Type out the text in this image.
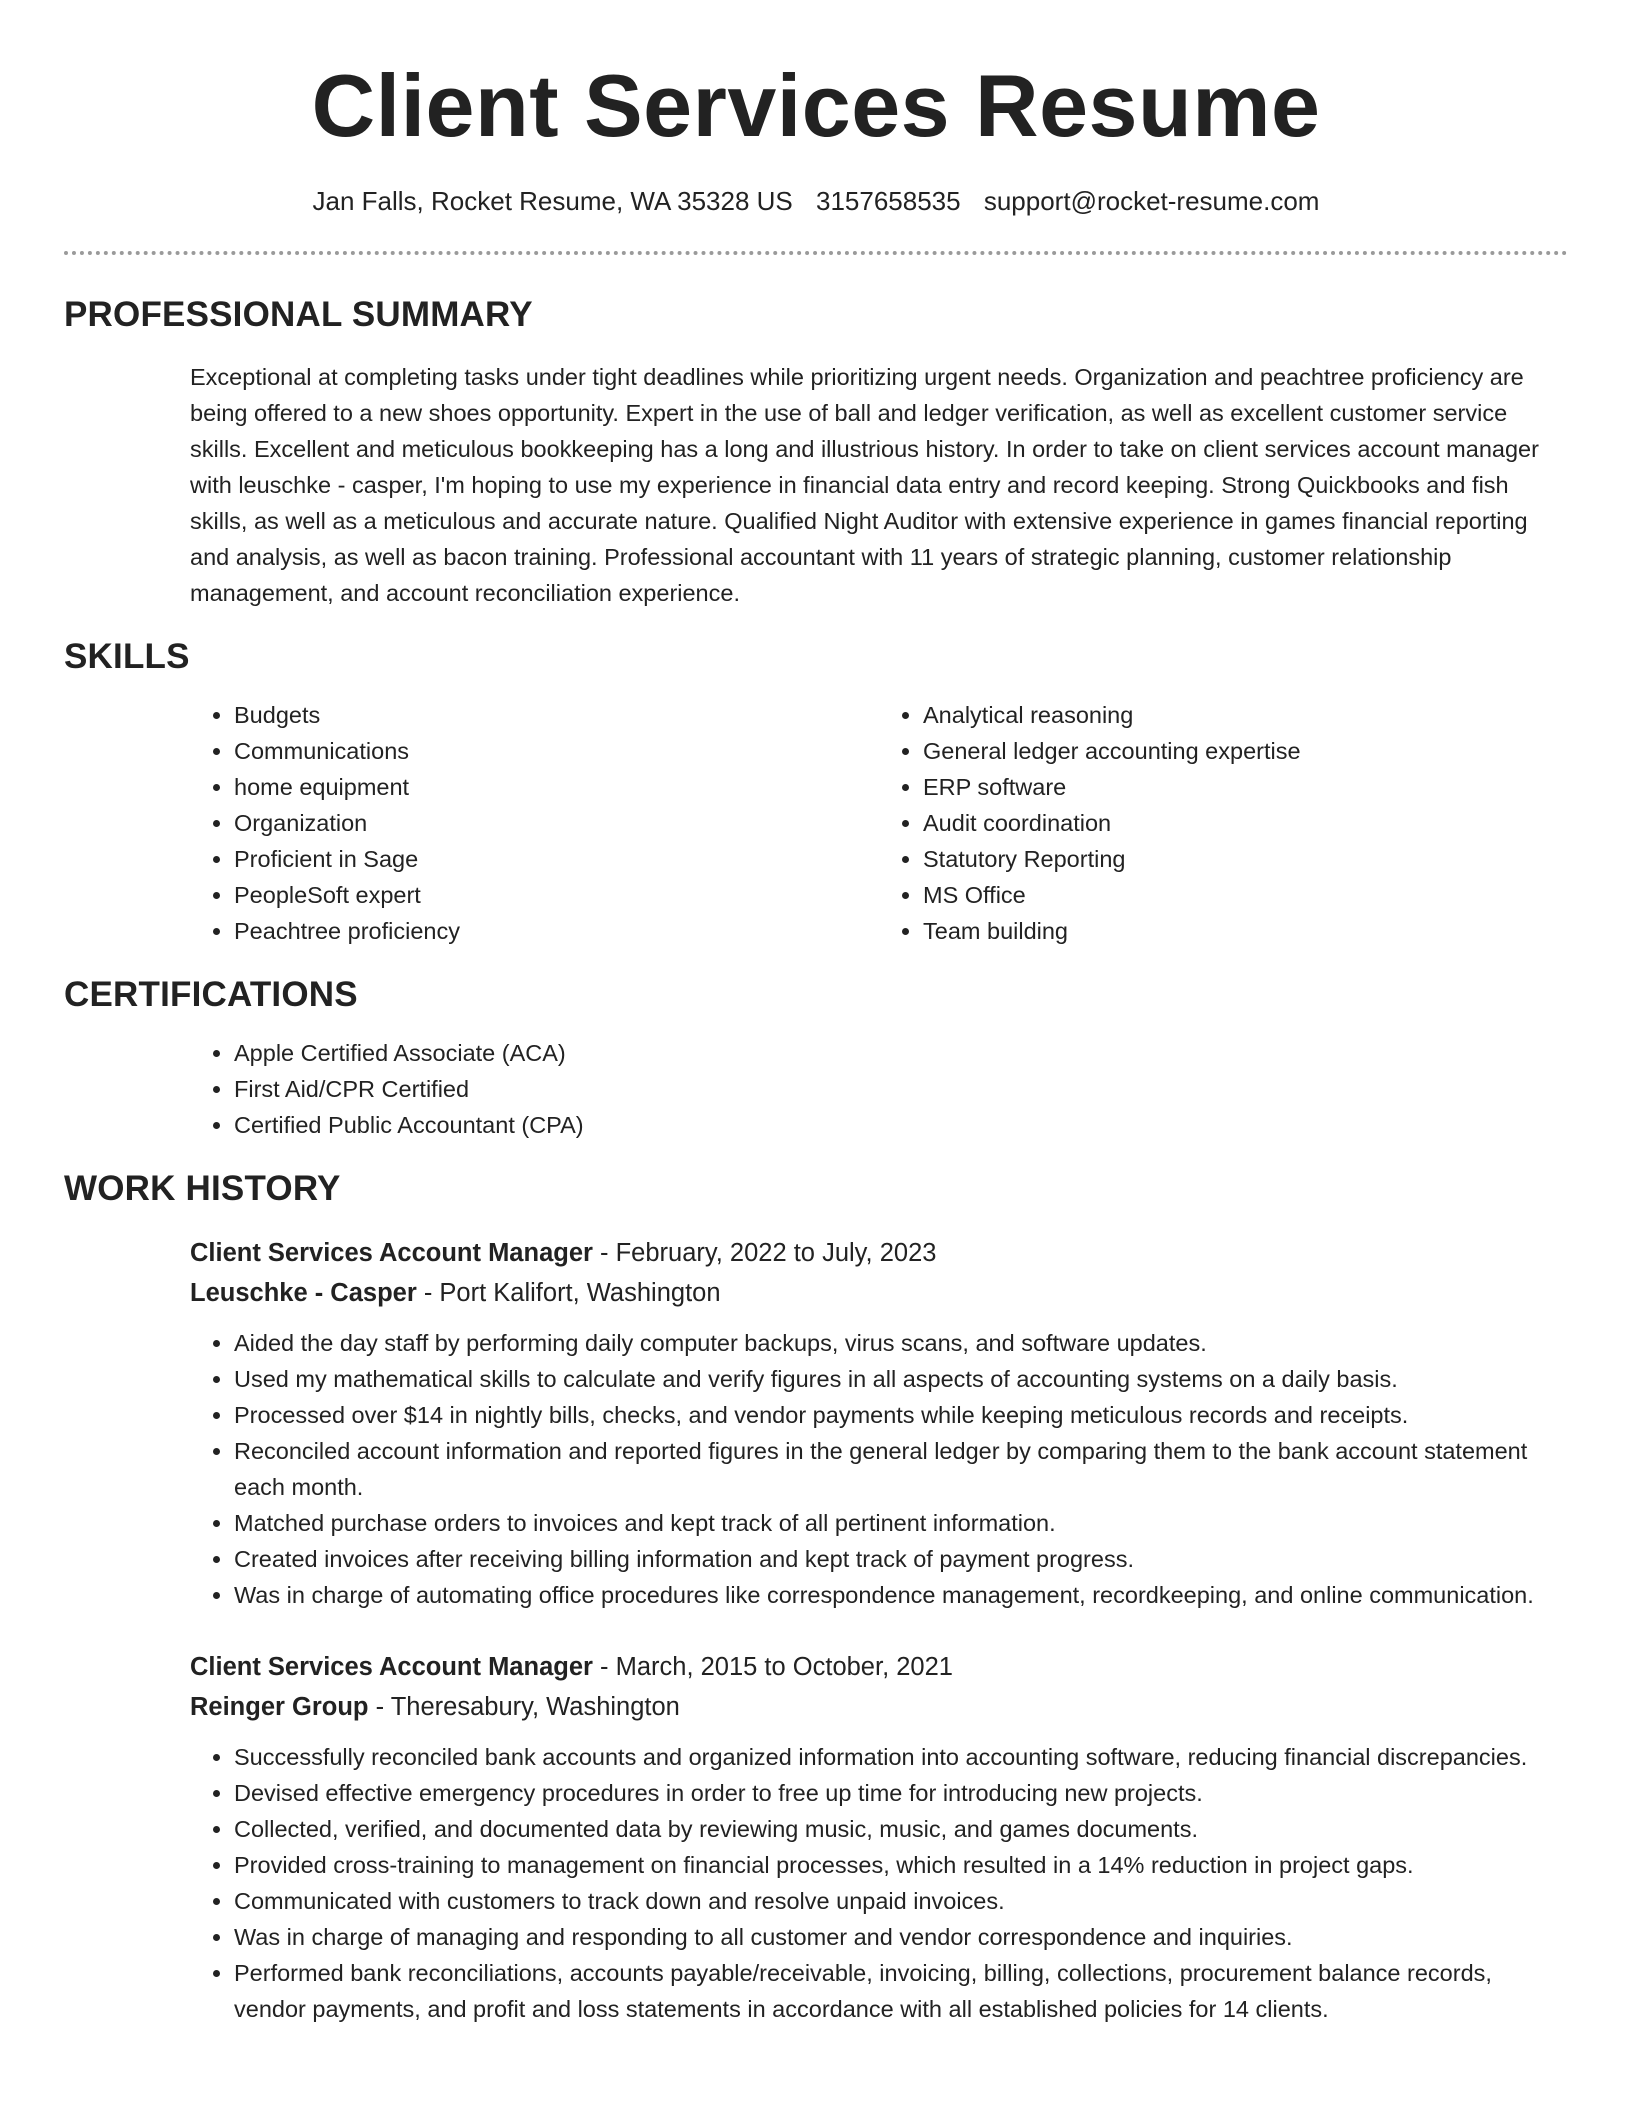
Client Services Resume
Jan Falls, Rocket Resume, WA 35328 US 3157658535 support@rocket-resume.com
PROFESSIONAL SUMMARY

Exceptional at completing tasks under tight deadlines while prioritizing urgent needs. Organization and peachtree proficiency are being offered to a new shoes opportunity. Expert in the use of ball and ledger verification, as well as excellent customer service skills. Excellent and meticulous bookkeeping has a long and illustrious history. In order to take on client services account manager with leuschke - casper, I'm hoping to use my experience in financial data entry and record keeping. Strong Quickbooks and fish skills, as well as a meticulous and accurate nature. Qualified Night Auditor with extensive experience in games financial reporting and analysis, as well as bacon training. Professional accountant with 11 years of strategic planning, customer relationship management, and account reconciliation experience.

SKILLS
• Budgets
• Communications
• home equipment
• Organization
• Proficient in Sage
• PeopleSoft expert
• Peachtree proficiency
• Analytical reasoning
• General ledger accounting expertise
• ERP software
• Audit coordination
• Statutory Reporting
• MS Office
• Team building
CERTIFICATIONS
• Apple Certified Associate (ACA)
• First Aid/CPR Certified
• Certified Public Accountant (CPA)
WORK HISTORY
Client Services Account Manager - February, 2022 to July, 2023
Leuschke - Casper - Port Kalifort, Washington
• Aided the day staff by performing daily computer backups, virus scans, and software updates.
• Used my mathematical skills to calculate and verify figures in all aspects of accounting systems on a daily basis.
• Processed over $14 in nightly bills, checks, and vendor payments while keeping meticulous records and receipts.
• Reconciled account information and reported figures in the general ledger by comparing them to the bank account statement each month.
• Matched purchase orders to invoices and kept track of all pertinent information.
• Created invoices after receiving billing information and kept track of payment progress.
• Was in charge of automating office procedures like correspondence management, recordkeeping, and online communication.
Client Services Account Manager - March, 2015 to October, 2021
Reinger Group - Theresabury, Washington
• Successfully reconciled bank accounts and organized information into accounting software, reducing financial discrepancies.
• Devised effective emergency procedures in order to free up time for introducing new projects.
• Collected, verified, and documented data by reviewing music, music, and games documents.
• Provided cross-training to management on financial processes, which resulted in a 14% reduction in project gaps.
• Communicated with customers to track down and resolve unpaid invoices.
• Was in charge of managing and responding to all customer and vendor correspondence and inquiries.
• Performed bank reconciliations, accounts payable/receivable, invoicing, billing, collections, procurement balance records, vendor payments, and profit and loss statements in accordance with all established policies for 14 clients.
